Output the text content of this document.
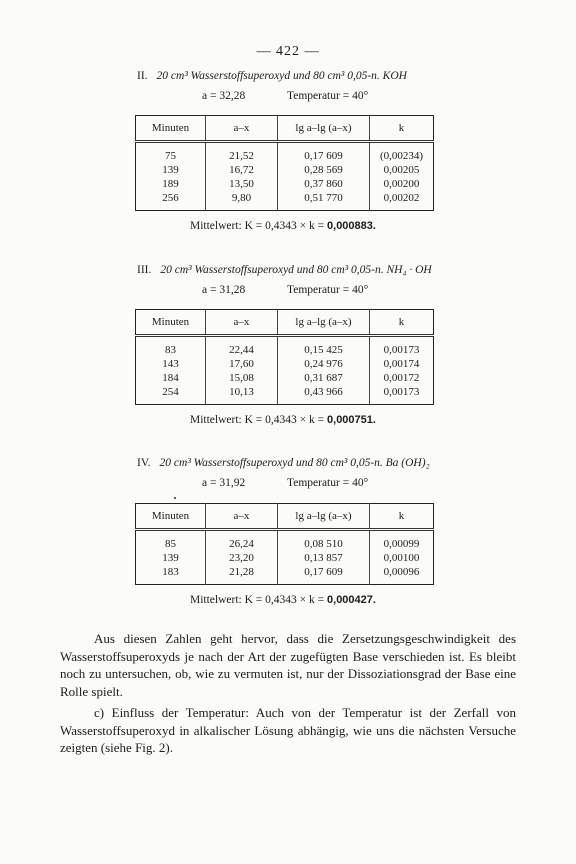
— 422 —
II. 20 cm³ Wasserstoffsuperoxyd und 80 cm³ 0,05-n. KOH
a = 32,28	Temperatur = 40°
Minuten	a–x	lg a–lg (a–x)	k
75	21,52	0,17 609	(0,00234)
139	16,72	0,28 569	0,00205
189	13,50	0,37 860	0,00200
256	9,80	0,51 770	0,00202
Mittelwert: K = 0,4343 × k = 0,000883.
III. 20 cm³ Wasserstoffsuperoxyd und 80 cm³ 0,05-n. NH₄ · OH
a = 31,28	Temperatur = 40°
Minuten	a–x	lg a–lg (a–x)	k
83	22,44	0,15 425	0,00173
143	17,60	0,24 976	0,00174
184	15,08	0,31 687	0,00172
254	10,13	0,43 966	0,00173
Mittelwert: K = 0,4343 × k = 0,000751.
IV. 20 cm³ Wasserstoffsuperoxyd und 80 cm³ 0,05-n. Ba (OH)₂
a = 31,92	Temperatur = 40°
Minuten	a–x	lg a–lg (a–x)	k
85	26,24	0,08 510	0,00099
139	23,20	0,13 857	0,00100
183	21,28	0,17 609	0,00096
Mittelwert: K = 0,4343 × k = 0,000427.

Aus diesen Zahlen geht hervor, dass die Zersetzungsgeschwindigkeit des Wasserstoffsuperoxyds je nach der Art der zugefügten Base verschieden ist. Es bleibt noch zu untersuchen, ob, wie zu vermuten ist, nur der Dissoziationsgrad der Base eine Rolle spielt.

c) Einfluss der Temperatur: Auch von der Temperatur ist der Zerfall von Wasserstoffsuperoxyd in alkalischer Lösung abhängig, wie uns die nächsten Versuche zeigten (siehe Fig. 2).
